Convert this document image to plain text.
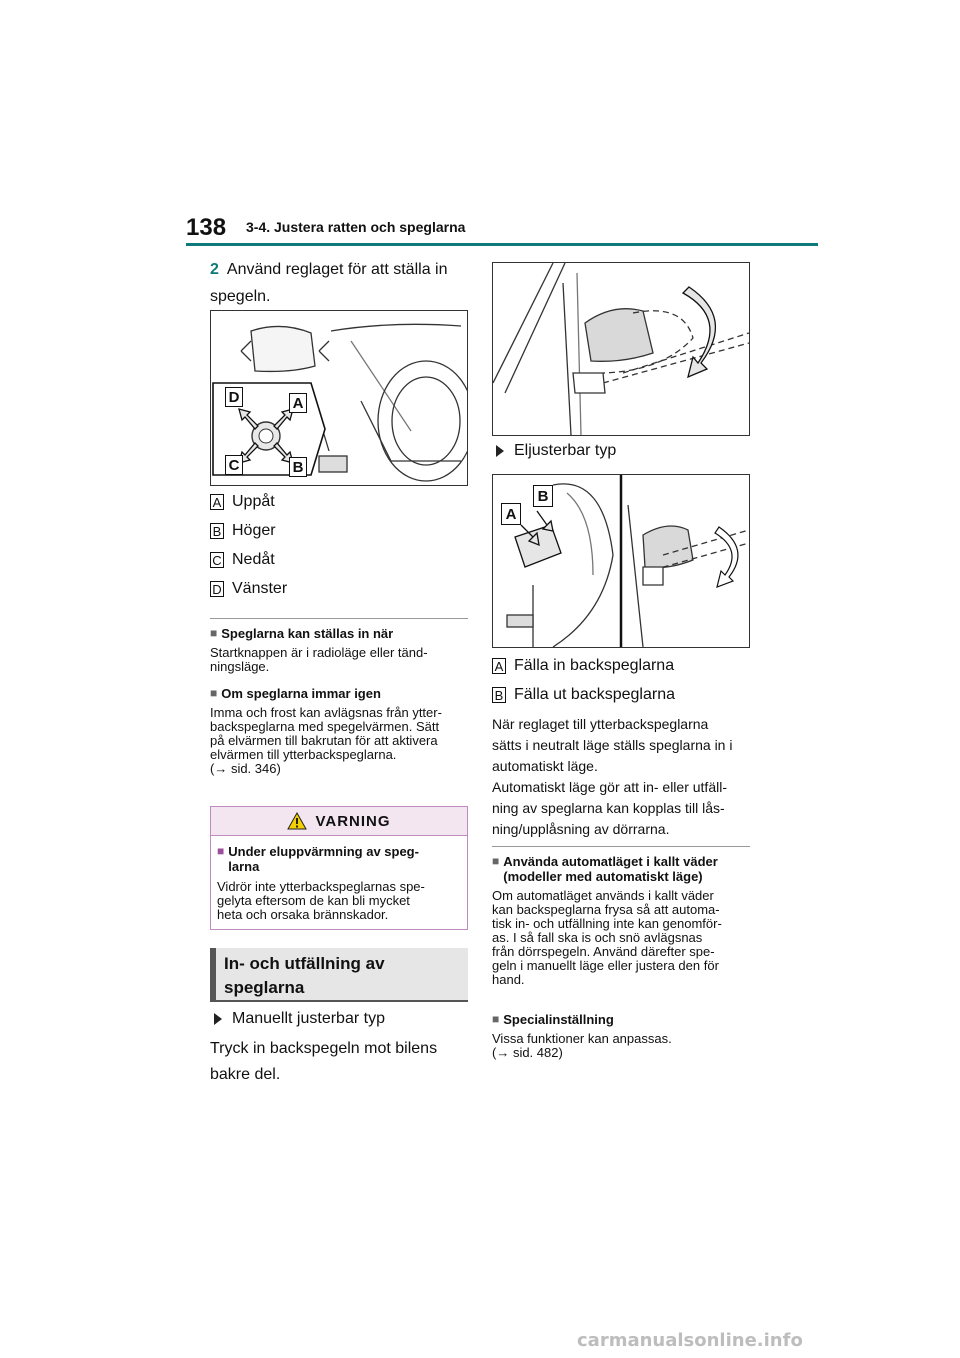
138 3-4. Justera ratten och speglarna
2 Använd reglaget för att ställa in spegeln.
D	A
C	B
A Uppåt
B Höger
C Nedåt
D Vänster
■ Speglarna kan ställas in när
Startknappen är i radioläge eller tänd-
ningsläge.
■ Om speglarna immar igen
Imma och frost kan avlägsnas från ytter-
backspeglarna med spegelvärmen. Sätt
på elvärmen till bakrutan för att aktivera
elvärmen till ytterbackspeglarna.
(→ sid. 346)
VARNING
■ Under eluppvärmning av speg-
larna
Vidrör inte ytterbackspeglarnas spe-
gelyta eftersom de kan bli mycket
heta och orsaka brännskador.
In- och utfällning av
speglarna
Manuellt justerbar typ
Tryck in backspegeln mot bilens
bakre del.
Eljusterbar typ
A
B
A Fälla in backspeglarna
B Fälla ut backspeglarna
När reglaget till ytterbackspeglarna
sätts i neutralt läge ställs speglarna in i
automatiskt läge.
Automatiskt läge gör att in- eller utfäll-
ning av speglarna kan kopplas till lås-
ning/upplåsning av dörrarna.
■ Använda automatläget i kallt väder
(modeller med automatiskt läge)
Om automatläget används i kallt väder
kan backspeglarna frysa så att automa-
tisk in- och utfällning inte kan genomför-
as. I så fall ska is och snö avlägsnas
från dörrspegeln. Använd därefter spe-
geln i manuellt läge eller justera den för
hand.
■ Specialinställning
Vissa funktioner kan anpassas.
(→ sid. 482)
carmanualsonline.info
